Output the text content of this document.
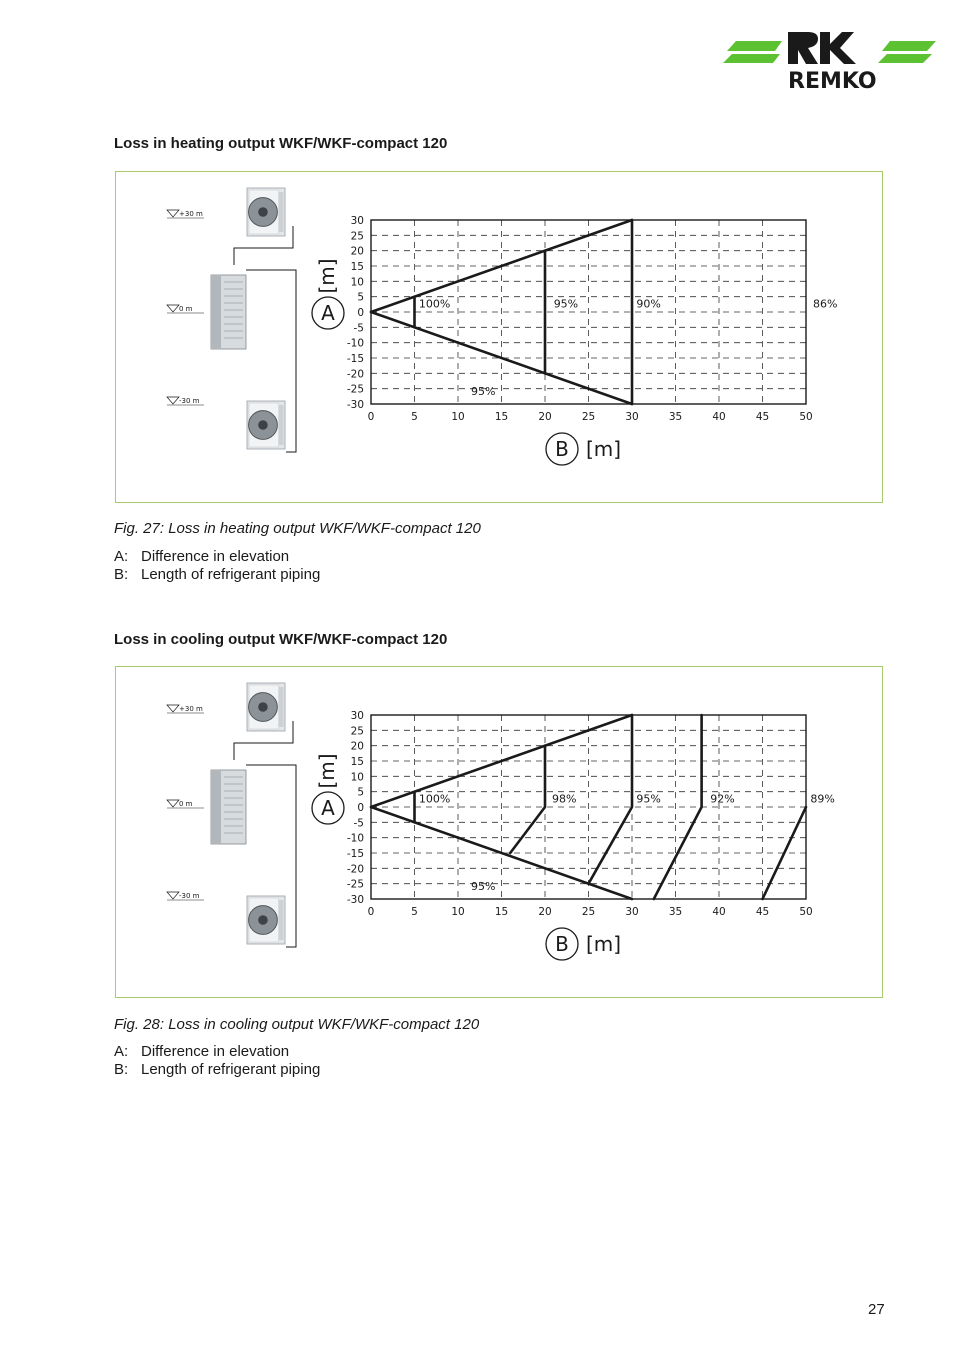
REMKO
Loss in heating output WKF/WKF-compact 120
+30 m
0 m
-30 m
30
25
20
15
10
5
0
-5
-10
-15
-20
-25
-30
0	5	10	15	20	25	30	35	40	45	50
100%	95%	90%	86%
95%
A
[m]
B [m]
Fig. 27: Loss in heating output WKF/WKF-compact 120
A: Difference in elevation
B: Length of refrigerant piping
Loss in cooling output WKF/WKF-compact 120
+30 m
0 m
-30 m
30
25
20
15
10
5
0
-5
-10
-15
-20
-25
-30
0	5	10	15	20	25	30	35	40	45	50
100%	98%	95%	92%	89%
95%
A
[m]
B [m]
Fig. 28: Loss in cooling output WKF/WKF-compact 120
A: Difference in elevation
B: Length of refrigerant piping
27
